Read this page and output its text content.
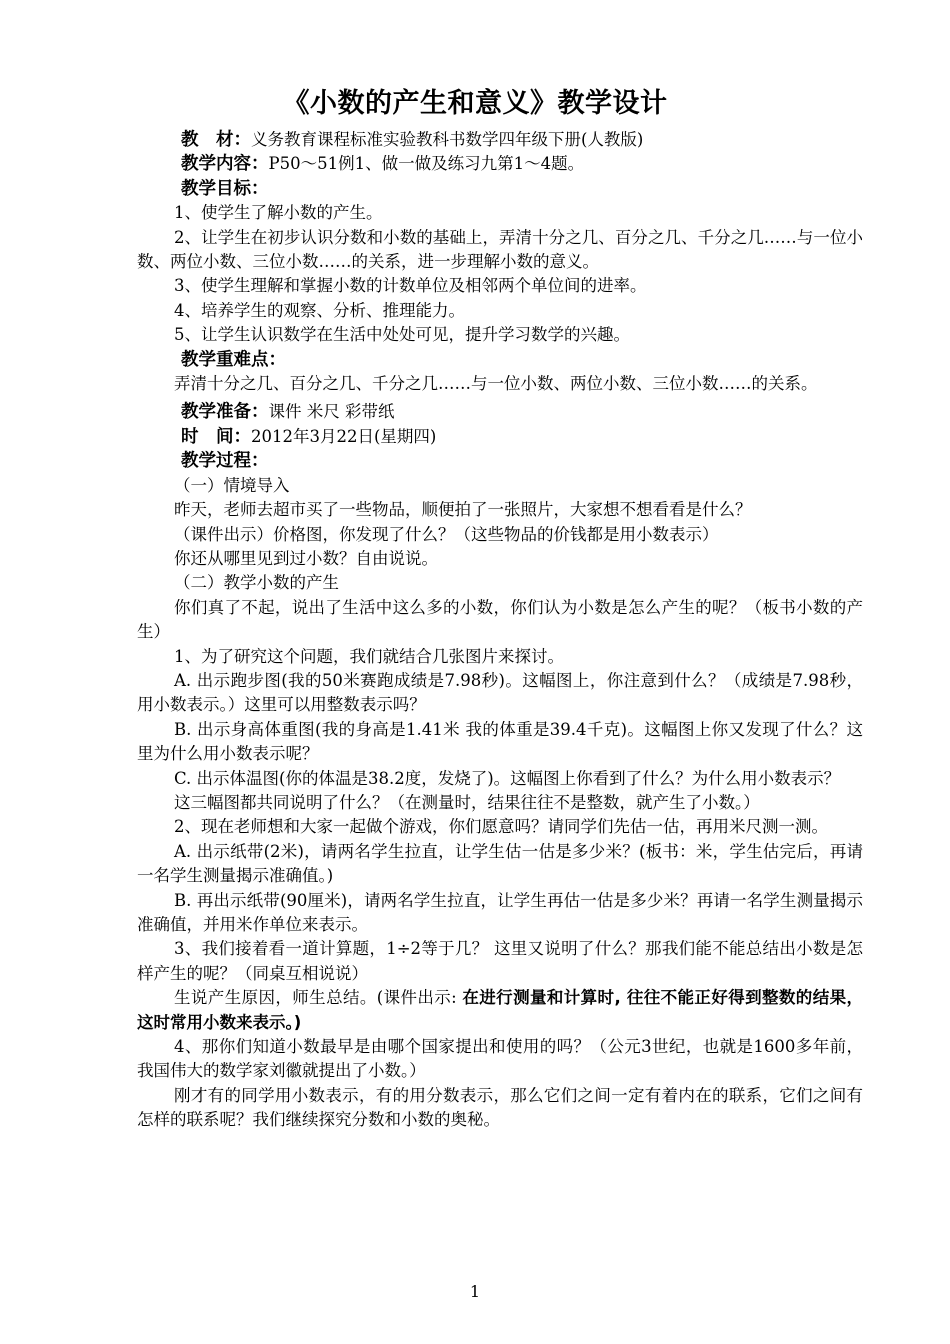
《小数的产生和意义》教学设计
教　材：义务教育课程标准实验教科书数学四年级下册(人教版)
教学内容：P50～51例1、做一做及练习九第1～4题。
教学目标：

1、使学生了解小数的产生。

2、让学生在初步认识分数和小数的基础上，弄清十分之几、百分之几、千分之几……与一位小数、两位小数、三位小数……的关系，进一步理解小数的意义。

3、使学生理解和掌握小数的计数单位及相邻两个单位间的进率。

4、培养学生的观察、分析、推理能力。

5、让学生认识数学在生活中处处可见，提升学习数学的兴趣。

教学重难点：

弄清十分之几、百分之几、千分之几……与一位小数、两位小数、三位小数……的关系。

教学准备：课件 米尺 彩带纸
时　间：2012年3月22日(星期四)
教学过程：

（一）情境导入

昨天，老师去超市买了一些物品，顺便拍了一张照片，大家想不想看看是什么？

（课件出示）价格图，你发现了什么？（这些物品的价钱都是用小数表示）

你还从哪里见到过小数？自由说说。

（二）教学小数的产生

你们真了不起，说出了生活中这么多的小数，你们认为小数是怎么产生的呢？（板书小数的产生）

1、为了研究这个问题，我们就结合几张图片来探讨。

A. 出示跑步图(我的50米赛跑成绩是7.98秒)。这幅图上，你注意到什么？（成绩是7.98秒，用小数表示。）这里可以用整数表示吗？

B. 出示身高体重图(我的身高是1.41米 我的体重是39.4千克)。这幅图上你又发现了什么？这里为什么用小数表示呢？

C. 出示体温图(你的体温是38.2度，发烧了)。这幅图上你看到了什么？为什么用小数表示？

这三幅图都共同说明了什么？（在测量时，结果往往不是整数，就产生了小数。）

2、现在老师想和大家一起做个游戏，你们愿意吗？请同学们先估一估，再用米尺测一测。

A. 出示纸带(2米)，请两名学生拉直，让学生估一估是多少米？(板书：米，学生估完后，再请一名学生测量揭示准确值。)

B. 再出示纸带(90厘米)，请两名学生拉直，让学生再估一估是多少米？再请一名学生测量揭示准确值，并用米作单位来表示。

3、我们接着看一道计算题，1÷2等于几？ 这里又说明了什么？那我们能不能总结出小数是怎样产生的呢？（同桌互相说说）

生说产生原因，师生总结。(课件出示: 在进行测量和计算时, 往往不能正好得到整数的结果，这时常用小数来表示。)

4、那你们知道小数最早是由哪个国家提出和使用的吗？（公元3世纪，也就是1600多年前，我国伟大的数学家刘徽就提出了小数。）

刚才有的同学用小数表示，有的用分数表示，那么它们之间一定有着内在的联系，它们之间有怎样的联系呢？我们继续探究分数和小数的奥秘。

1
